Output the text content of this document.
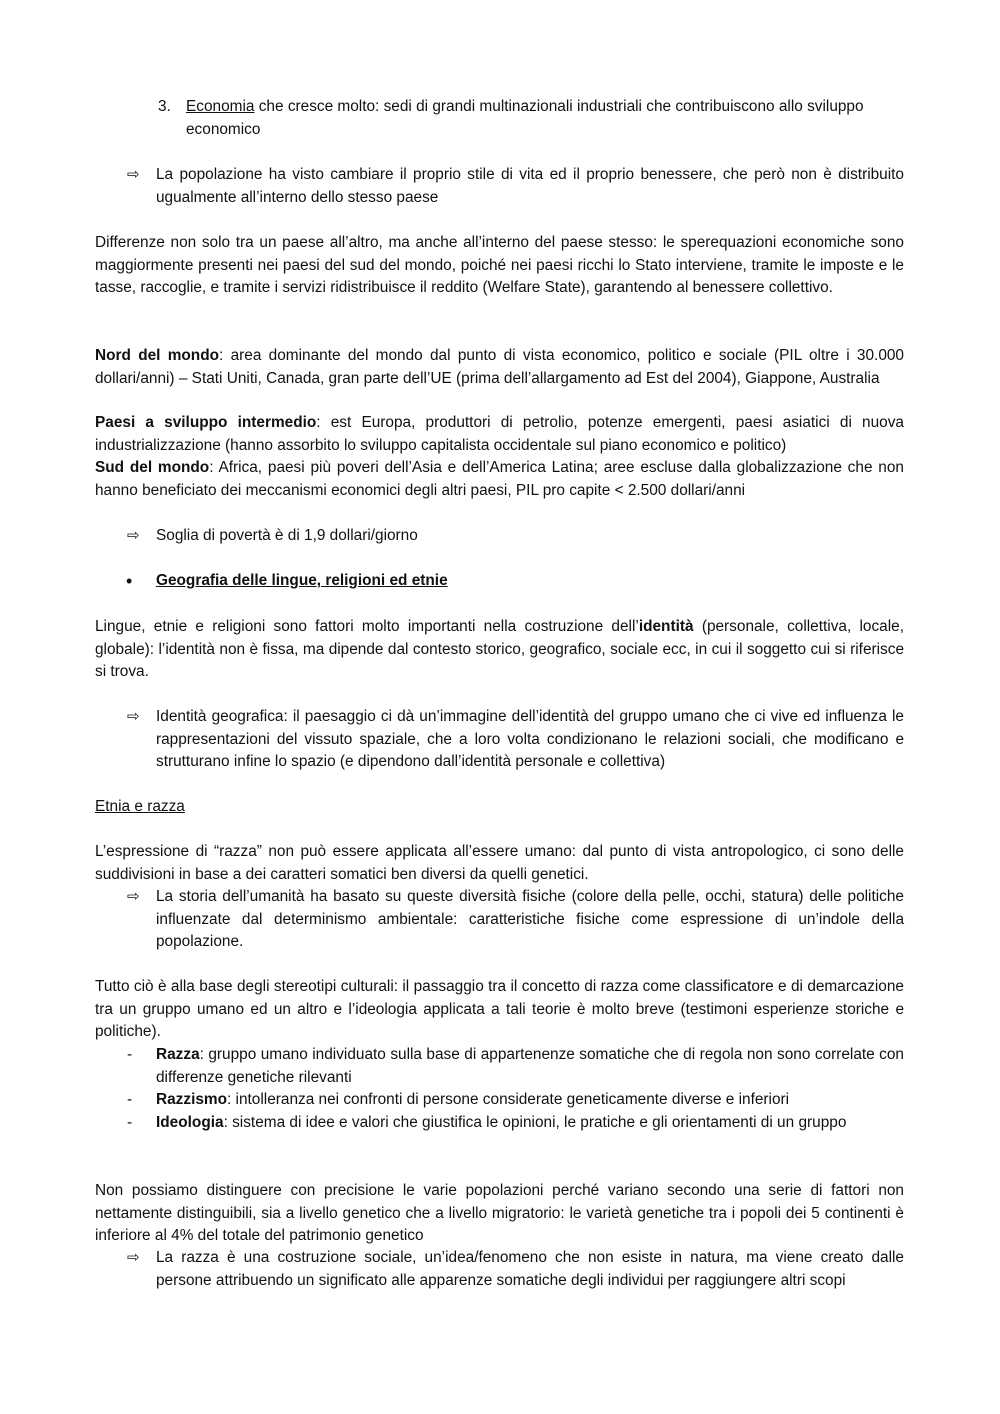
3. Economia che cresce molto: sedi di grandi multinazionali industriali che contribuiscono allo sviluppo economico
⇨	La popolazione ha visto cambiare il proprio stile di vita ed il proprio benessere, che però non è distribuito ugualmente all’interno dello stesso paese
Differenze non solo tra un paese all’altro, ma anche all’interno del paese stesso: le sperequazioni economiche sono maggiormente presenti nei paesi del sud del mondo, poiché nei paesi ricchi lo Stato interviene, tramite le imposte e le tasse, raccoglie, e tramite i servizi ridistribuisce il reddito (Welfare State), garantendo al benessere collettivo.
Nord del mondo: area dominante del mondo dal punto di vista economico, politico e sociale (PIL oltre i 30.000 dollari/anni) – Stati Uniti, Canada, gran parte dell’UE (prima dell’allargamento ad Est del 2004), Giappone, Australia
Paesi a sviluppo intermedio: est Europa, produttori di petrolio, potenze emergenti, paesi asiatici di nuova industrializzazione (hanno assorbito lo sviluppo capitalista occidentale sul piano economico e politico)
Sud del mondo: Africa, paesi più poveri dell’Asia e dell’America Latina; aree escluse dalla globalizzazione che non hanno beneficiato dei meccanismi economici degli altri paesi, PIL pro capite < 2.500 dollari/anni
⇨	Soglia di povertà è di 1,9 dollari/giorno
•	Geografia delle lingue, religioni ed etnie
Lingue, etnie e religioni sono fattori molto importanti nella costruzione dell’identità (personale, collettiva, locale, globale): l’identità non è fissa, ma dipende dal contesto storico, geografico, sociale ecc, in cui il soggetto cui si riferisce si trova.
⇨	Identità geografica: il paesaggio ci dà un’immagine dell’identità del gruppo umano che ci vive ed influenza le rappresentazioni del vissuto spaziale, che a loro volta condizionano le relazioni sociali, che modificano e strutturano infine lo spazio (e dipendono dall’identità personale e collettiva)
Etnia e razza
L’espressione di “razza” non può essere applicata all’essere umano: dal punto di vista antropologico, ci sono delle suddivisioni in base a dei caratteri somatici ben diversi da quelli genetici.
⇨	La storia dell’umanità ha basato su queste diversità fisiche (colore della pelle, occhi, statura) delle politiche influenzate dal determinismo ambientale: caratteristiche fisiche come espressione di un’indole della popolazione.
Tutto ciò è alla base degli stereotipi culturali: il passaggio tra il concetto di razza come classificatore e di demarcazione tra un gruppo umano ed un altro e l’ideologia applicata a tali teorie è molto breve (testimoni esperienze storiche e politiche).
-	Razza: gruppo umano individuato sulla base di appartenenze somatiche che di regola non sono correlate con differenze genetiche rilevanti
-	Razzismo: intolleranza nei confronti di persone considerate geneticamente diverse e inferiori
-	Ideologia: sistema di idee e valori che giustifica le opinioni, le pratiche e gli orientamenti di un gruppo
Non possiamo distinguere con precisione le varie popolazioni perché variano secondo una serie di fattori non nettamente distinguibili, sia a livello genetico che a livello migratorio: le varietà genetiche tra i popoli dei 5 continenti è inferiore al 4% del totale del patrimonio genetico
⇨	La razza è una costruzione sociale, un’idea/fenomeno che non esiste in natura, ma viene creato dalle persone attribuendo un significato alle apparenze somatiche degli individui per raggiungere altri scopi
